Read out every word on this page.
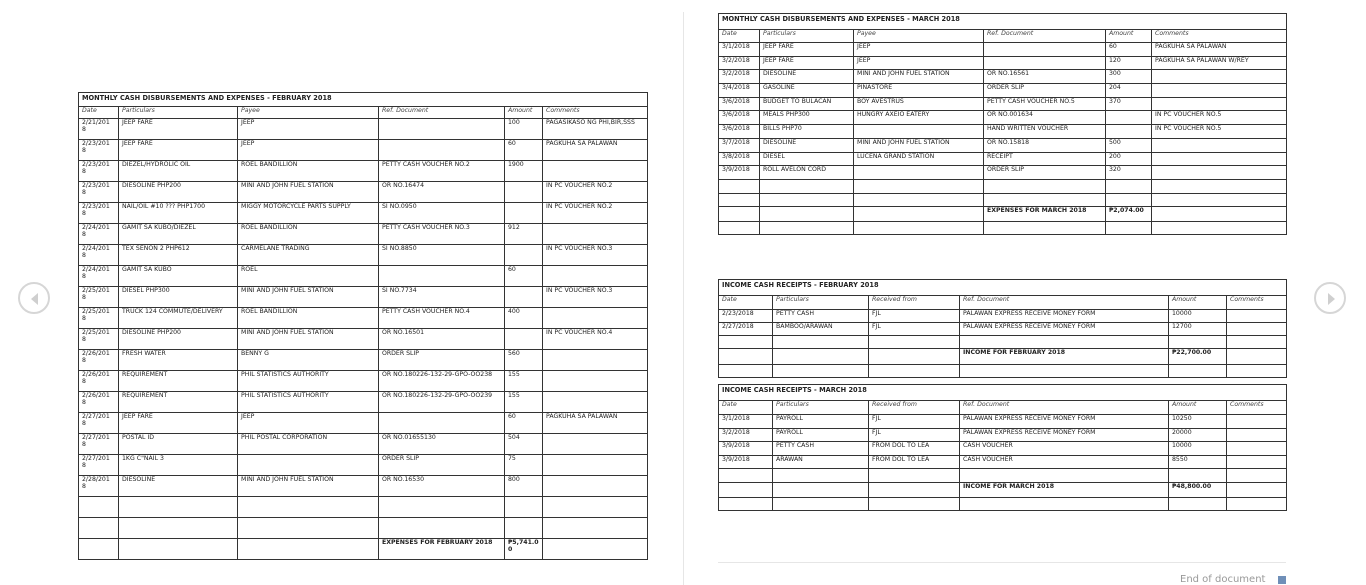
MONTHLY CASH DISBURSEMENTS AND EXPENSES - FEBRUARY 2018					
Date	Particulars	Payee	Ref. Document	Amount	Comments
2/21/201
8	JEEP FARE	JEEP		100	PAGASIKASO NG PHI,BIR,SSS
2/23/201
8	JEEP FARE	JEEP		60	PAGKUHA SA PALAWAN
2/23/201
8	DIEZEL/HYDROLIC OIL	ROEL BANDILLION	PETTY CASH VOUCHER NO.2	1900	
2/23/201
8	DIESOLINE PHP200	MINI AND JOHN FUEL STATION	OR NO.16474		IN PC VOUCHER NO.2
2/23/201
8	NAIL/OIL #10 ??? PHP1700	MIGGY MOTORCYCLE PARTS SUPPLY	SI NO.0950		IN PC VOUCHER NO.2
2/24/201
8	GAMIT SA KUBO/DIEZEL	ROEL BANDILLION	PETTY CASH VOUCHER NO.3	912	
2/24/201
8	TEX SENON 2 PHP612	CARMELANE TRADING	SI NO.8850		IN PC VOUCHER NO.3
2/24/201
8	GAMIT SA KUBO	ROEL		60	
2/25/201
8	DIESEL PHP300	MINI AND JOHN FUEL STATION	SI NO.7734		IN PC VOUCHER NO.3
2/25/201
8	TRUCK 124 COMMUTE/DELIVERY	ROEL BANDILLION	PETTY CASH VOUCHER NO.4	400	
2/25/201
8	DIESOLINE PHP200	MINI AND JOHN FUEL STATION	OR NO.16501		IN PC VOUCHER NO.4
2/26/201
8	FRESH WATER	BENNY G	ORDER SLIP	560	
2/26/201
8	REQUIREMENT	PHIL STATISTICS AUTHORITY	OR NO.180226-132-29-GPO-OO238	155	
2/26/201
8	REQUIREMENT	PHIL STATISTICS AUTHORITY	OR NO.180226-132-29-GPO-OO239	155	
2/27/201
8	JEEP FARE	JEEP		60	PAGKUHA SA PALAWAN
2/27/201
8	POSTAL ID	PHIL POSTAL CORPORATION	OR NO.01655130	504	
2/27/201
8	1KG C"NAIL 3		ORDER SLIP	75	
2/28/201
8	DIESOLINE	MINI AND JOHN FUEL STATION	OR NO.16530	800	

			EXPENSES FOR FEBRUARY 2018	₱5,741.0
0	
MONTHLY CASH DISBURSEMENTS AND EXPENSES - MARCH 2018					
Date	Particulars	Payee	Ref. Document	Amount	Comments
3/1/2018	JEEP FARE	JEEP		60	PAGKUHA SA PALAWAN
3/2/2018	JEEP FARE	JEEP		120	PAGKUHA SA PALAWAN W/REY
3/2/2018	DIESOLINE	MINI AND JOHN FUEL STATION	OR NO.16561	300	
3/4/2018	GASOLINE	PINASTORE	ORDER SLIP	204	
3/6/2018	BUDGET TO BULACAN	BOY AVESTRUS	PETTY CASH VOUCHER NO.5	370	
3/6/2018	MEALS PHP300	HUNGRY AXEIO EATERY	OR NO.001634		IN PC VOUCHER NO.5
3/6/2018	BILLS PHP70		HAND WRITTEN VOUCHER		IN PC VOUCHER NO.5
3/7/2018	DIESOLINE	MINI AND JOHN FUEL STATION	OR NO.15818	500	
3/8/2018	DIESEL	LUCENA GRAND STATION	RECEIPT	200	
3/9/2018	ROLL AVELON CORD		ORDER SLIP	320	

			EXPENSES FOR MARCH 2018	₱2,074.00	

INCOME CASH RECEIPTS - FEBRUARY 2018					
Date	Particulars	Received from	Ref. Document	Amount	Comments
2/23/2018	PETTY CASH	FJL	PALAWAN EXPRESS RECEIVE MONEY FORM	10000	
2/27/2018	BAMBOO/ARAWAN	FJL	PALAWAN EXPRESS RECEIVE MONEY FORM	12700	

			INCOME FOR FEBRUARY 2018	₱22,700.00	

INCOME CASH RECEIPTS - MARCH 2018					
Date	Particulars	Received from	Ref. Document	Amount	Comments
3/1/2018	PAYROLL	FJL	PALAWAN EXPRESS RECEIVE MONEY FORM	10250	
3/2/2018	PAYROLL	FJL	PALAWAN EXPRESS RECEIVE MONEY FORM	20000	
3/9/2018	PETTY CASH	FROM DOL TO LEA	CASH VOUCHER	10000	
3/9/2018	ARAWAN	FROM DOL TO LEA	CASH VOUCHER	8550	

			INCOME FOR MARCH 2018	₱48,800.00	

End of document
